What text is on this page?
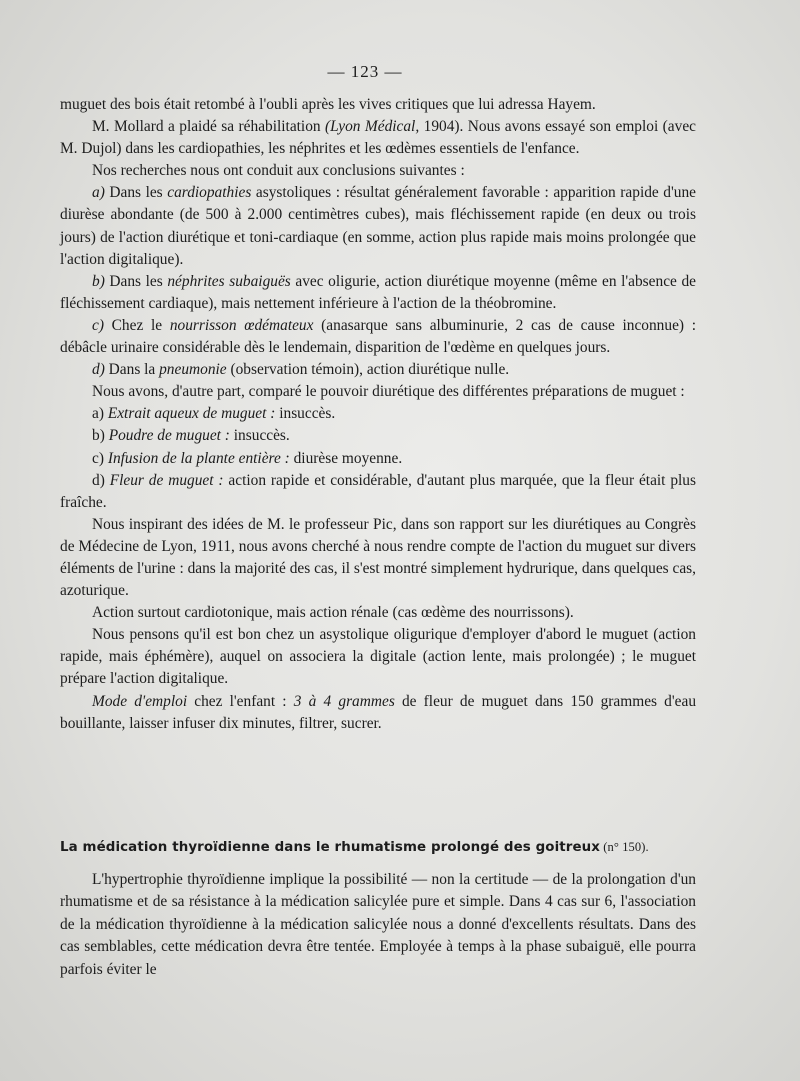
— 123 —

muguet des bois était retombé à l'oubli après les vives critiques que lui adressa Hayem.

M. Mollard a plaidé sa réhabilitation (Lyon Médical, 1904). Nous avons essayé son emploi (avec M. Dujol) dans les cardiopathies, les néphrites et les œdèmes essentiels de l'enfance.

Nos recherches nous ont conduit aux conclusions suivantes :

a) Dans les cardiopathies asystoliques : résultat généralement favorable : apparition rapide d'une diurèse abondante (de 500 à 2.000 centimètres cubes), mais fléchissement rapide (en deux ou trois jours) de l'action diurétique et toni-cardiaque (en somme, action plus rapide mais moins prolongée que l'action digitalique).

b) Dans les néphrites subaiguës avec oligurie, action diurétique moyenne (même en l'absence de fléchissement cardiaque), mais nettement inférieure à l'action de la théobromine.

c) Chez le nourrisson œdémateux (anasarque sans albuminurie, 2 cas de cause inconnue) : débâcle urinaire considérable dès le lendemain, disparition de l'œdème en quelques jours.

d) Dans la pneumonie (observation témoin), action diurétique nulle.

Nous avons, d'autre part, comparé le pouvoir diurétique des différentes préparations de muguet :

a) Extrait aqueux de muguet : insuccès.

b) Poudre de muguet : insuccès.

c) Infusion de la plante entière : diurèse moyenne.

d) Fleur de muguet : action rapide et considérable, d'autant plus marquée, que la fleur était plus fraîche.

Nous inspirant des idées de M. le professeur Pic, dans son rapport sur les diurétiques au Congrès de Médecine de Lyon, 1911, nous avons cherché à nous rendre compte de l'action du muguet sur divers éléments de l'urine : dans la majorité des cas, il s'est montré simplement hydrurique, dans quelques cas, azoturique.

Action surtout cardiotonique, mais action rénale (cas œdème des nourrissons).

Nous pensons qu'il est bon chez un asystolique oligurique d'employer d'abord le muguet (action rapide, mais éphémère), auquel on associera la digitale (action lente, mais prolongée) ; le muguet prépare l'action digitalique.

Mode d'emploi chez l'enfant : 3 à 4 grammes de fleur de muguet dans 150 grammes d'eau bouillante, laisser infuser dix minutes, filtrer, sucrer.

La médication thyroïdienne dans le rhumatisme prolongé des goitreux (n° 150).

L'hypertrophie thyroïdienne implique la possibilité — non la certitude — de la prolongation d'un rhumatisme et de sa résistance à la médication salicylée pure et simple. Dans 4 cas sur 6, l'association de la médication thyroïdienne à la médication salicylée nous a donné d'excellents résultats. Dans des cas semblables, cette médication devra être tentée. Employée à temps à la phase subaiguë, elle pourra parfois éviter le
